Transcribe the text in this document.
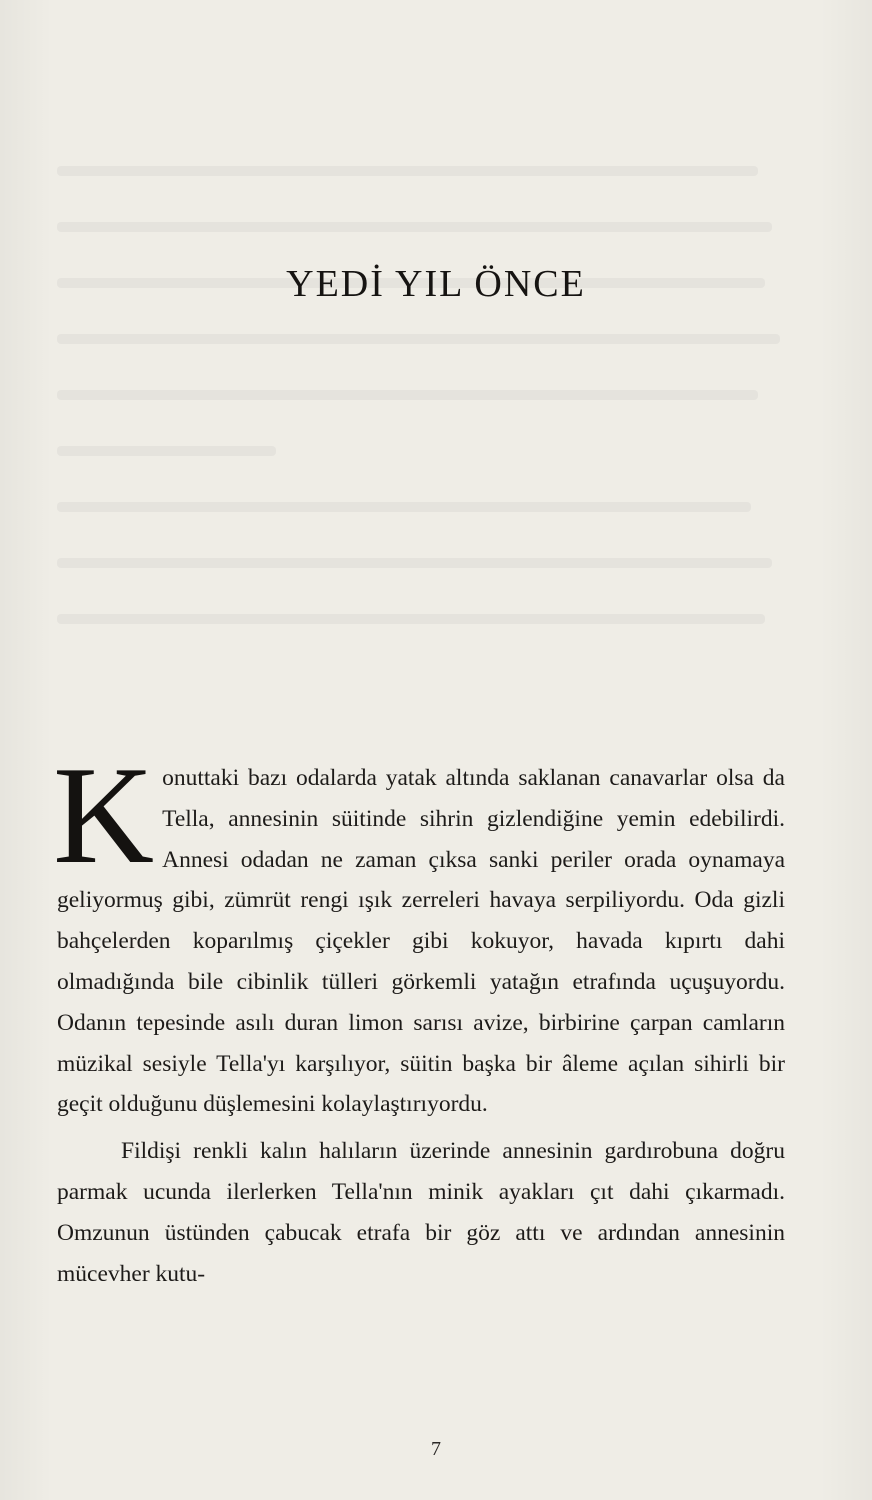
YEDİ YIL ÖNCE
K onuttaki bazı odalarda yatak altında saklanan canavarlar olsa da Tella, annesinin süitinde sihrin gizlendiğine yemin edebilirdi. Annesi odadan ne zaman çıksa sanki periler orada oynamaya geliyormuş gibi, zümrüt rengi ışık zerreleri havaya serpiliyordu. Oda gizli bahçelerden koparılmış çiçekler gibi kokuyor, havada kıpırtı dahi olmadığında bile cibinlik tülleri görkemli yatağın etrafında uçuşuyordu. Odanın tepesinde asılı duran limon sarısı avize, birbirine çarpan camların müzikal sesiyle Tella'yı karşılıyor, süitin başka bir âleme açılan sihirli bir geçit olduğunu düşlemesini kolaylaştırıyordu.

Fildişi renkli kalın halıların üzerinde annesinin gardırobuna doğru parmak ucunda ilerlerken Tella'nın minik ayakları çıt dahi çıkarmadı. Omzunun üstünden çabucak etrafa bir göz attı ve ardından annesinin mücevher kutu-

7
